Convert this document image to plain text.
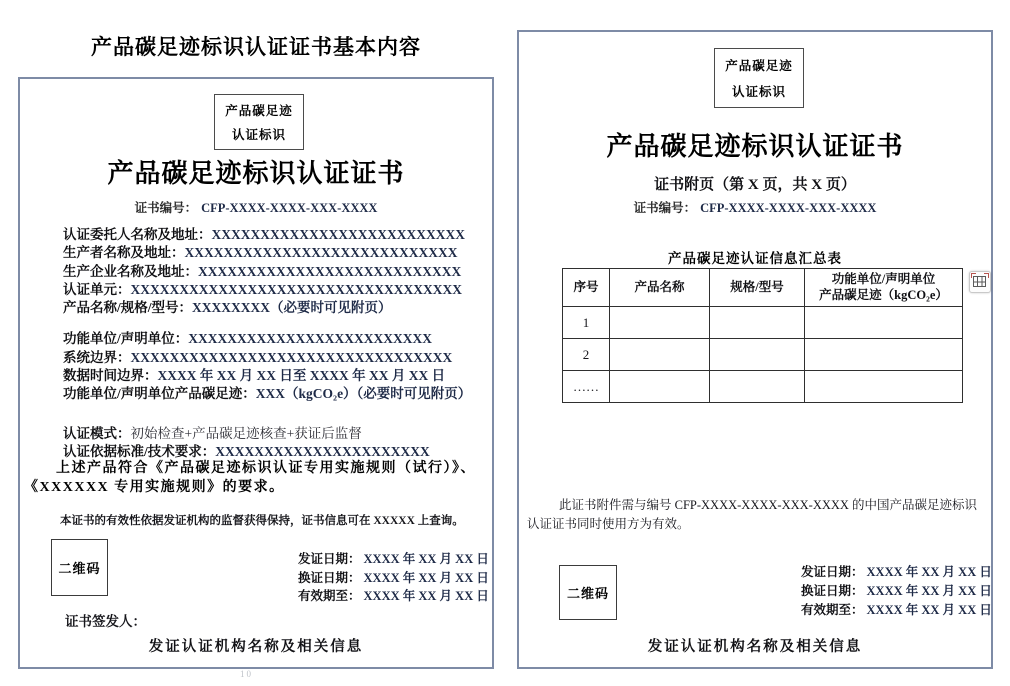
产品碳足迹标识认证证书基本内容
产品碳足迹
认证标识
产品碳足迹标识认证证书
证书编号： CFP-XXXX-XXXX-XXX-XXXX
认证委托人名称及地址：XXXXXXXXXXXXXXXXXXXXXXXXXX
生产者名称及地址：XXXXXXXXXXXXXXXXXXXXXXXXXXXX
生产企业名称及地址：XXXXXXXXXXXXXXXXXXXXXXXXXXX
认证单元：XXXXXXXXXXXXXXXXXXXXXXXXXXXXXXXXXX
产品名称/规格/型号：XXXXXXXX（必要时可见附页）
功能单位/声明单位：XXXXXXXXXXXXXXXXXXXXXXXXX
系统边界：XXXXXXXXXXXXXXXXXXXXXXXXXXXXXXXXX
数据时间边界：XXXX 年 XX 月 XX 日至 XXXX 年 XX 月 XX 日
功能单位/声明单位产品碳足迹：XXX（kgCO₂e）（必要时可见附页）
认证模式：初始检查+产品碳足迹核查+获证后监督
认证依据标准/技术要求：XXXXXXXXXXXXXXXXXXXXXX
上述产品符合《产品碳足迹标识认证专用实施规则（试行）》、
《XXXXXX 专用实施规则》的要求。
本证书的有效性依据发证机构的监督获得保持，证书信息可在 XXXXX 上查询。
二维码
发证日期： XXXX 年 XX 月 XX 日
换证日期： XXXX 年 XX 月 XX 日
有效期至： XXXX 年 XX 月 XX 日
证书签发人：
发证认证机构名称及相关信息
产品碳足迹
认证标识
产品碳足迹标识认证证书
证书附页（第 X 页，共 X 页）
证书编号： CFP-XXXX-XXXX-XXX-XXXX
产品碳足迹认证信息汇总表
序号	产品名称	规格/型号	功能单位/声明单位
产品碳足迹（kgCO₂e）

1			
2			
……			
此证书附件需与编号 CFP-XXXX-XXXX-XXX-XXXX 的中国产品碳足迹标识认证证书同时使用方为有效。
二维码
发证日期： XXXX 年 XX 月 XX 日
换证日期： XXXX 年 XX 月 XX 日
有效期至： XXXX 年 XX 月 XX 日
发证认证机构名称及相关信息
10
